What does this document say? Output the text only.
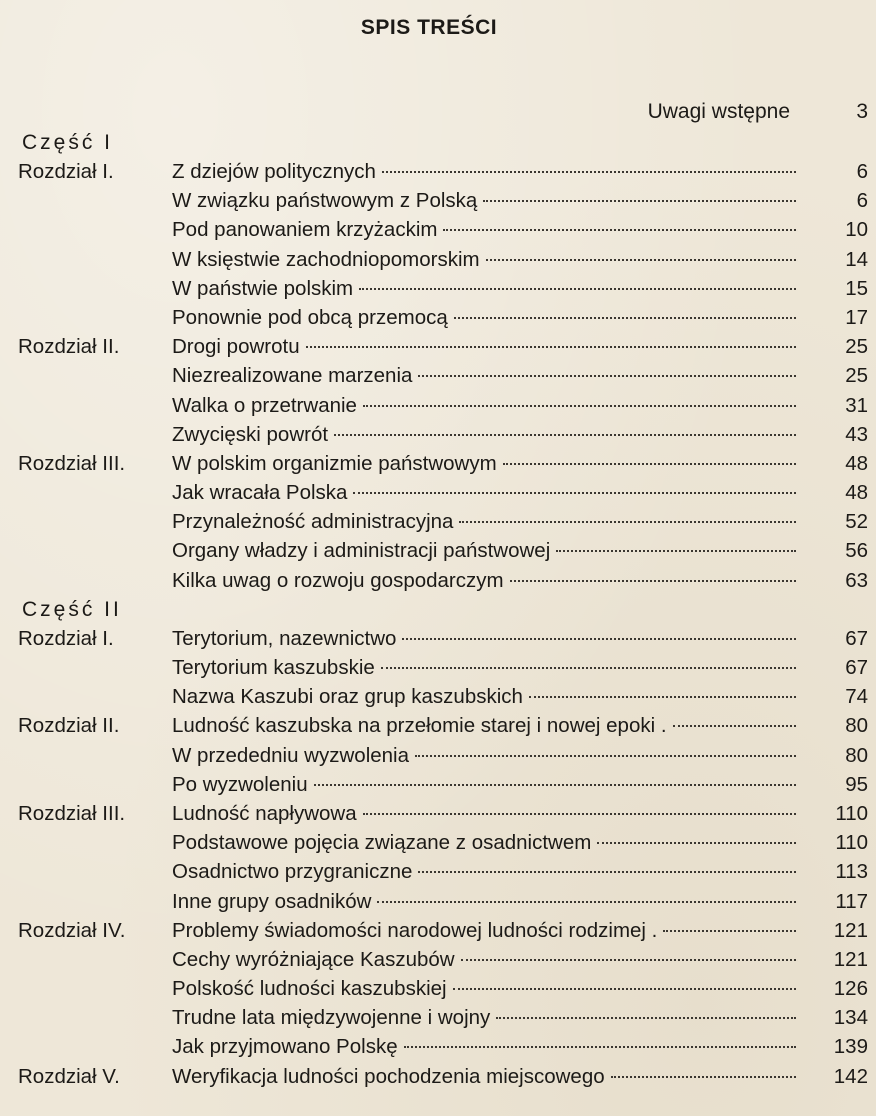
SPIS TREŚCI
Uwagi wstępne	3
Część I
Rozdział I.	Z dziejów politycznych	6
W związku państwowym z Polską	6
Pod panowaniem krzyżackim	10
W księstwie zachodniopomorskim	14
W państwie polskim	15
Ponownie pod obcą przemocą	17
Rozdział II.	Drogi powrotu	25
Niezrealizowane marzenia	25
Walka o przetrwanie	31
Zwycięski powrót	43
Rozdział III.	W polskim organizmie państwowym	48
Jak wracała Polska	48
Przynależność administracyjna	52
Organy władzy i administracji państwowej	56
Kilka uwag o rozwoju gospodarczym	63
Część II
Rozdział I.	Terytorium, nazewnictwo	67
Terytorium kaszubskie	67
Nazwa Kaszubi oraz grup kaszubskich	74
Rozdział II.	Ludność kaszubska na przełomie starej i nowej epoki .	80
W przededniu wyzwolenia	80
Po wyzwoleniu	95
Rozdział III.	Ludność napływowa	110
Podstawowe pojęcia związane z osadnictwem	110
Osadnictwo przygraniczne	113
Inne grupy osadników	117
Rozdział IV.	Problemy świadomości narodowej ludności rodzimej .	121
Cechy wyróżniające Kaszubów	121
Polskość ludności kaszubskiej	126
Trudne lata międzywojenne i wojny	134
Jak przyjmowano Polskę	139
Rozdział V.	Weryfikacja ludności pochodzenia miejscowego	142
